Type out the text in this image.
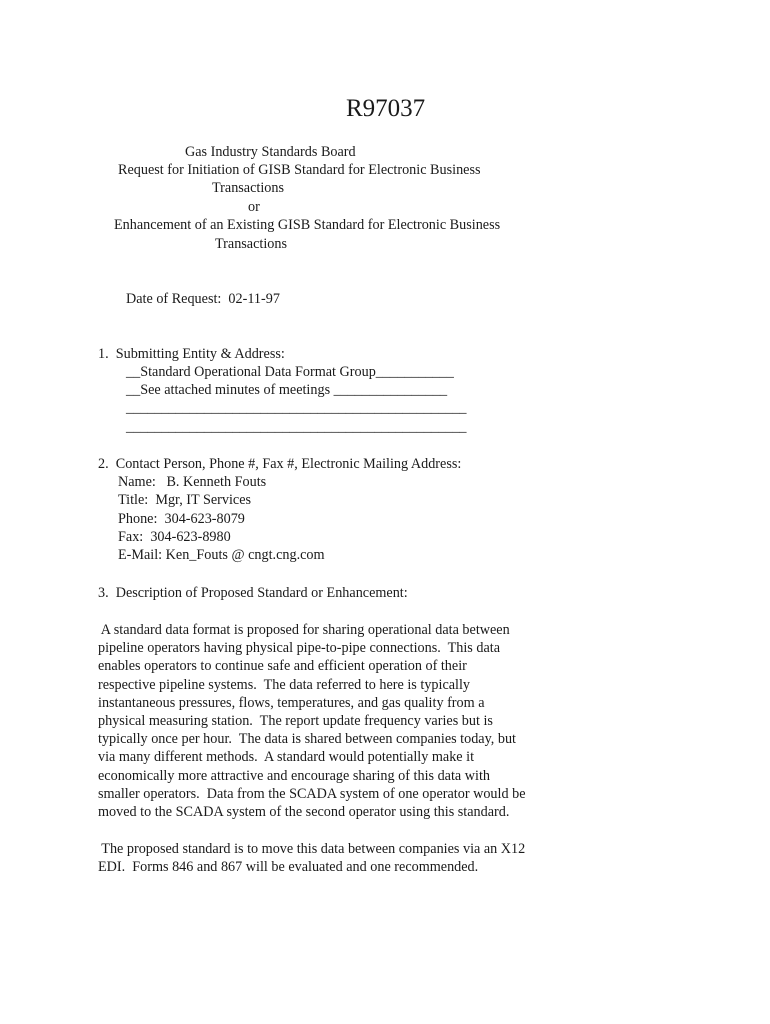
R97037
Gas Industry Standards Board
Request for Initiation of GISB Standard for Electronic Business
Transactions
or
Enhancement of an Existing GISB Standard for Electronic Business
Transactions
Date of Request:  02-11-97
1.  Submitting Entity & Address:
__Standard Operational Data Format Group___________
__See attached minutes of meetings ________________
________________________________________________
________________________________________________
2.  Contact Person, Phone #, Fax #, Electronic Mailing Address:
Name:   B. Kenneth Fouts
Title:  Mgr, IT Services
Phone:  304-623-8079
Fax:  304-623-8980
E-Mail: Ken_Fouts @ cngt.cng.com
3.  Description of Proposed Standard or Enhancement:
A standard data format is proposed for sharing operational data between
pipeline operators having physical pipe-to-pipe connections.  This data
enables operators to continue safe and efficient operation of their
respective pipeline systems.  The data referred to here is typically
instantaneous pressures, flows, temperatures, and gas quality from a
physical measuring station.  The report update frequency varies but is
typically once per hour.  The data is shared between companies today, but
via many different methods.  A standard would potentially make it
economically more attractive and encourage sharing of this data with
smaller operators.  Data from the SCADA system of one operator would be
moved to the SCADA system of the second operator using this standard.
The proposed standard is to move this data between companies via an X12
EDI.  Forms 846 and 867 will be evaluated and one recommended.
